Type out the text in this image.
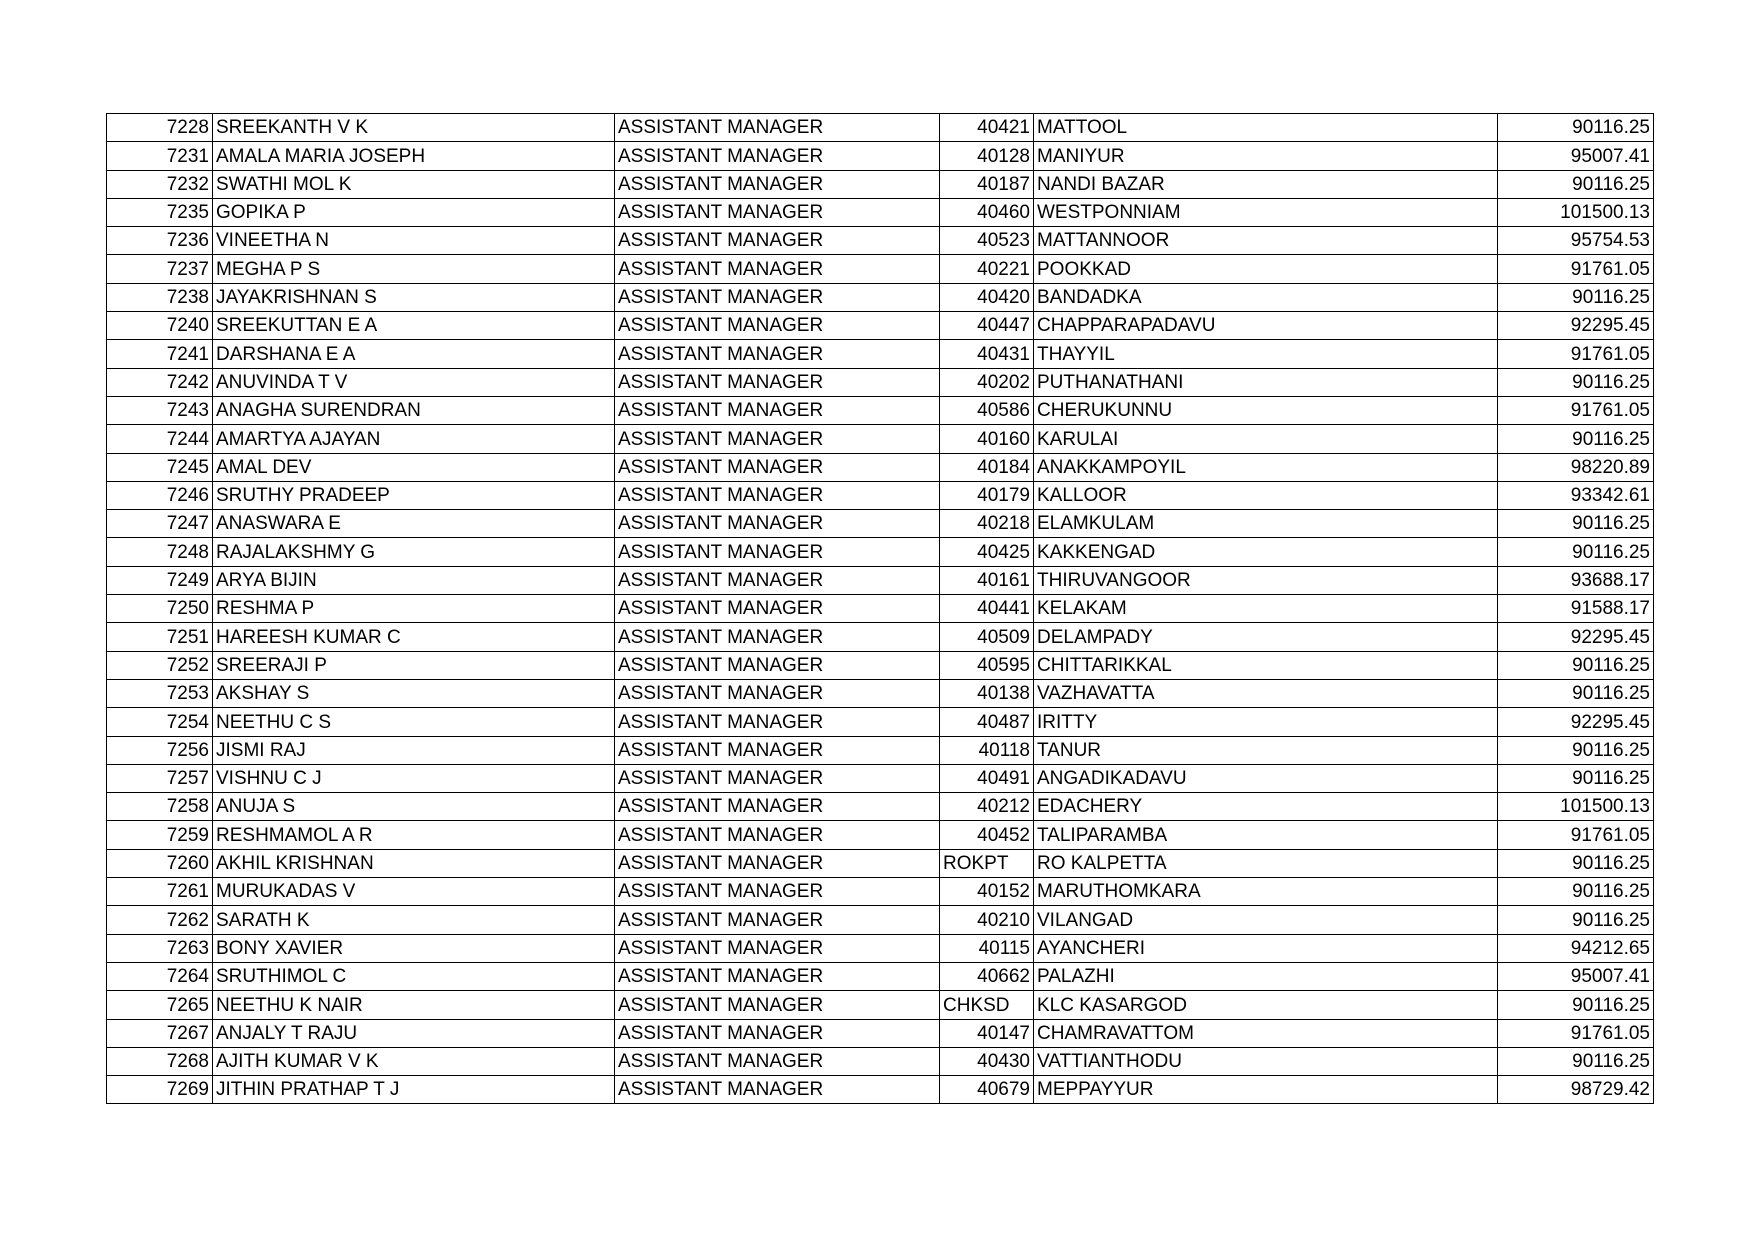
7228	SREEKANTH V K	ASSISTANT MANAGER	40421	MATTOOL	90116.25
7231	AMALA MARIA JOSEPH	ASSISTANT MANAGER	40128	MANIYUR	95007.41
7232	SWATHI MOL K	ASSISTANT MANAGER	40187	NANDI BAZAR	90116.25
7235	GOPIKA P	ASSISTANT MANAGER	40460	WESTPONNIAM	101500.13
7236	VINEETHA N	ASSISTANT MANAGER	40523	MATTANNOOR	95754.53
7237	MEGHA P S	ASSISTANT MANAGER	40221	POOKKAD	91761.05
7238	JAYAKRISHNAN S	ASSISTANT MANAGER	40420	BANDADKA	90116.25
7240	SREEKUTTAN E A	ASSISTANT MANAGER	40447	CHAPPARAPADAVU	92295.45
7241	DARSHANA E A	ASSISTANT MANAGER	40431	THAYYIL	91761.05
7242	ANUVINDA T V	ASSISTANT MANAGER	40202	PUTHANATHANI	90116.25
7243	ANAGHA SURENDRAN	ASSISTANT MANAGER	40586	CHERUKUNNU	91761.05
7244	AMARTYA AJAYAN	ASSISTANT MANAGER	40160	KARULAI	90116.25
7245	AMAL DEV	ASSISTANT MANAGER	40184	ANAKKAMPOYIL	98220.89
7246	SRUTHY PRADEEP	ASSISTANT MANAGER	40179	KALLOOR	93342.61
7247	ANASWARA E	ASSISTANT MANAGER	40218	ELAMKULAM	90116.25
7248	RAJALAKSHMY G	ASSISTANT MANAGER	40425	KAKKENGAD	90116.25
7249	ARYA BIJIN	ASSISTANT MANAGER	40161	THIRUVANGOOR	93688.17
7250	RESHMA P	ASSISTANT MANAGER	40441	KELAKAM	91588.17
7251	HAREESH KUMAR C	ASSISTANT MANAGER	40509	DELAMPADY	92295.45
7252	SREERAJI P	ASSISTANT MANAGER	40595	CHITTARIKKAL	90116.25
7253	AKSHAY S	ASSISTANT MANAGER	40138	VAZHAVATTA	90116.25
7254	NEETHU C S	ASSISTANT MANAGER	40487	IRITTY	92295.45
7256	JISMI RAJ	ASSISTANT MANAGER	40118	TANUR	90116.25
7257	VISHNU C J	ASSISTANT MANAGER	40491	ANGADIKADAVU	90116.25
7258	ANUJA S	ASSISTANT MANAGER	40212	EDACHERY	101500.13
7259	RESHMAMOL A R	ASSISTANT MANAGER	40452	TALIPARAMBA	91761.05
7260	AKHIL KRISHNAN	ASSISTANT MANAGER	ROKPT	RO KALPETTA	90116.25
7261	MURUKADAS V	ASSISTANT MANAGER	40152	MARUTHOMKARA	90116.25
7262	SARATH K	ASSISTANT MANAGER	40210	VILANGAD	90116.25
7263	BONY XAVIER	ASSISTANT MANAGER	40115	AYANCHERI	94212.65
7264	SRUTHIMOL C	ASSISTANT MANAGER	40662	PALAZHI	95007.41
7265	NEETHU K NAIR	ASSISTANT MANAGER	CHKSD	KLC KASARGOD	90116.25
7267	ANJALY T RAJU	ASSISTANT MANAGER	40147	CHAMRAVATTOM	91761.05
7268	AJITH KUMAR V K	ASSISTANT MANAGER	40430	VATTIANTHODU	90116.25
7269	JITHIN PRATHAP T J	ASSISTANT MANAGER	40679	MEPPAYYUR	98729.42
